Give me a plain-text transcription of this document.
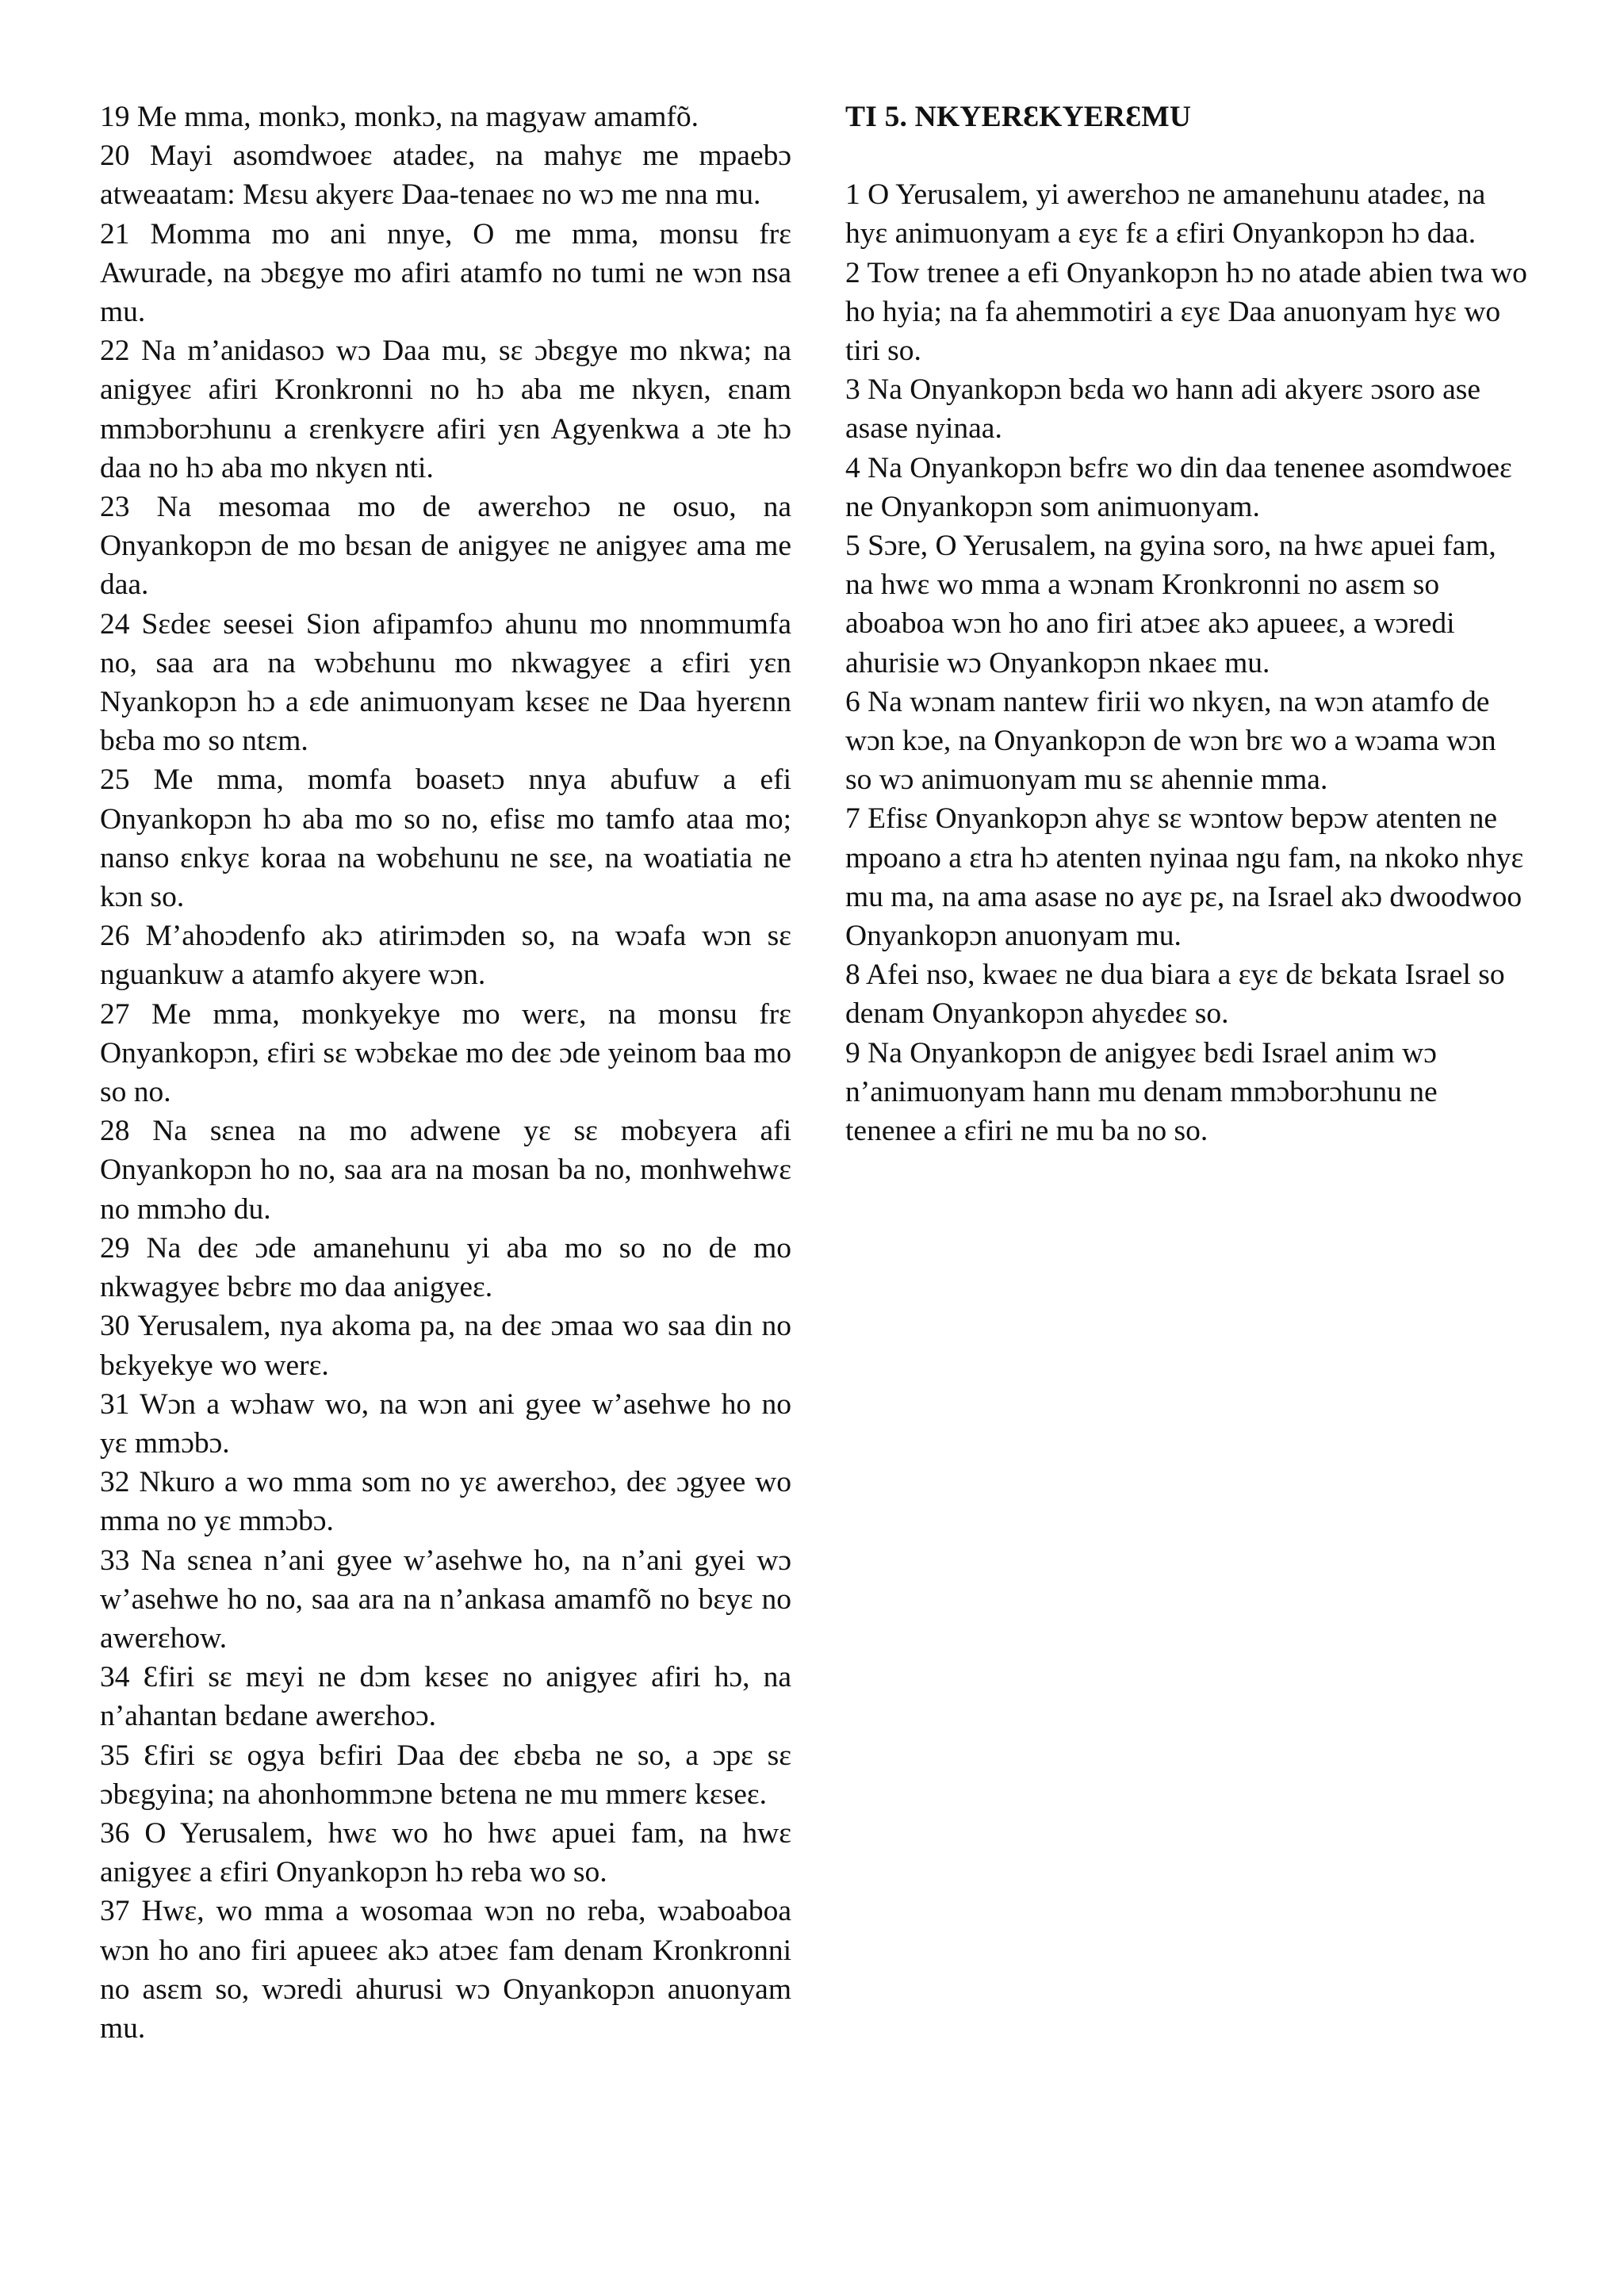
19 Me mma, monkɔ, monkɔ, na magyaw amamfõ.

20 Mayi asomdwoeɛ atadeɛ, na mahyɛ me mpaebɔ atweaatam: Mɛsu akyerɛ Daa-tenaeɛ no wɔ me nna mu.

21 Momma mo ani nnye, O me mma, monsu frɛ Awurade, na ɔbɛgye mo afiri atamfo no tumi ne wɔn nsa mu.

22 Na m’anidasoɔ wɔ Daa mu, sɛ ɔbɛgye mo nkwa; na anigyeɛ afiri Kronkronni no hɔ aba me nkyɛn, ɛnam mmɔborɔhunu a ɛrenkyɛre afiri yɛn Agyenkwa a ɔte hɔ daa no hɔ aba mo nkyɛn nti.

23 Na mesomaa mo de awerɛhoɔ ne osuo, na Onyankopɔn de mo bɛsan de anigyeɛ ne anigyeɛ ama me daa.

24 Sɛdeɛ seesei Sion afipamfoɔ ahunu mo nnommumfa no, saa ara na wɔbɛhunu mo nkwagyeɛ a ɛfiri yɛn Nyankopɔn hɔ a ɛde animuonyam kɛseɛ ne Daa hyerɛnn bɛba mo so ntɛm.

25 Me mma, momfa boasetɔ nnya abufuw a efi Onyankopɔn hɔ aba mo so no, efisɛ mo tamfo ataa mo; nanso ɛnkyɛ koraa na wobɛhunu ne sɛe, na woatiatia ne kɔn so.

26 M’ahoɔdenfo akɔ atirimɔden so, na wɔafa wɔn sɛ nguankuw a atamfo akyere wɔn.

27 Me mma, monkyekye mo werɛ, na monsu frɛ Onyankopɔn, ɛfiri sɛ wɔbɛkae mo deɛ ɔde yeinom baa mo so no.

28 Na sɛnea na mo adwene yɛ sɛ mobɛyera afi Onyankopɔn ho no, saa ara na mosan ba no, monhwehwɛ no mmɔho du.

29 Na deɛ ɔde amanehunu yi aba mo so no de mo nkwagyeɛ bɛbrɛ mo daa anigyeɛ.

30 Yerusalem, nya akoma pa, na deɛ ɔmaa wo saa din no bɛkyekye wo werɛ.

31 Wɔn a wɔhaw wo, na wɔn ani gyee w’asehwe ho no yɛ mmɔbɔ.

32 Nkuro a wo mma som no yɛ awerɛhoɔ, deɛ ɔgyee wo mma no yɛ mmɔbɔ.

33 Na sɛnea n’ani gyee w’asehwe ho, na n’ani gyei wɔ w’asehwe ho no, saa ara na n’ankasa amamfõ no bɛyɛ no awerɛhow.

34 Ɛfiri sɛ mɛyi ne dɔm kɛseɛ no anigyeɛ afiri hɔ, na n’ahantan bɛdane awerɛhoɔ.

35 Ɛfiri sɛ ogya bɛfiri Daa deɛ ɛbɛba ne so, a ɔpɛ sɛ ɔbɛgyina; na ahonhommɔne bɛtena ne mu mmerɛ kɛseɛ.

36 O Yerusalem, hwɛ wo ho hwɛ apuei fam, na hwɛ anigyeɛ a ɛfiri Onyankopɔn hɔ reba wo so.

37 Hwɛ, wo mma a wosomaa wɔn no reba, wɔaboaboa wɔn ho ano firi apueeɛ akɔ atɔeɛ fam denam Kronkronni no asɛm so, wɔredi ahurusi wɔ Onyankopɔn anuonyam mu.

TI 5. NKYERƐKYERƐMU

1 O Yerusalem, yi awerɛhoɔ ne amanehunu atadeɛ, na hyɛ animuonyam a ɛyɛ fɛ a ɛfiri Onyankopɔn hɔ daa.

2 Tow trenee a efi Onyankopɔn hɔ no atade abien twa wo ho hyia; na fa ahemmotiri a ɛyɛ Daa anuonyam hyɛ wo tiri so.

3 Na Onyankopɔn bɛda wo hann adi akyerɛ ɔsoro ase asase nyinaa.

4 Na Onyankopɔn bɛfrɛ wo din daa tenenee asomdwoeɛ ne Onyankopɔn som animuonyam.

5 Sɔre, O Yerusalem, na gyina soro, na hwɛ apuei fam, na hwɛ wo mma a wɔnam Kronkronni no asɛm so aboaboa wɔn ho ano firi atɔeɛ akɔ apueeɛ, a wɔredi ahurisie wɔ Onyankopɔn nkaeɛ mu.

6 Na wɔnam nantew firii wo nkyɛn, na wɔn atamfo de wɔn kɔe, na Onyankopɔn de wɔn brɛ wo a wɔama wɔn so wɔ animuonyam mu sɛ ahennie mma.

7 Efisɛ Onyankopɔn ahyɛ sɛ wɔntow bepɔw atenten ne mpoano a ɛtra hɔ atenten nyinaa ngu fam, na nkoko nhyɛ mu ma, na ama asase no ayɛ pɛ, na Israel akɔ dwoodwoo Onyankopɔn anuonyam mu.

8 Afei nso, kwaeɛ ne dua biara a ɛyɛ dɛ bɛkata Israel so denam Onyankopɔn ahyɛdeɛ so.

9 Na Onyankopɔn de anigyeɛ bɛdi Israel anim wɔ n’animuonyam hann mu denam mmɔborɔhunu ne tenenee a ɛfiri ne mu ba no so.
